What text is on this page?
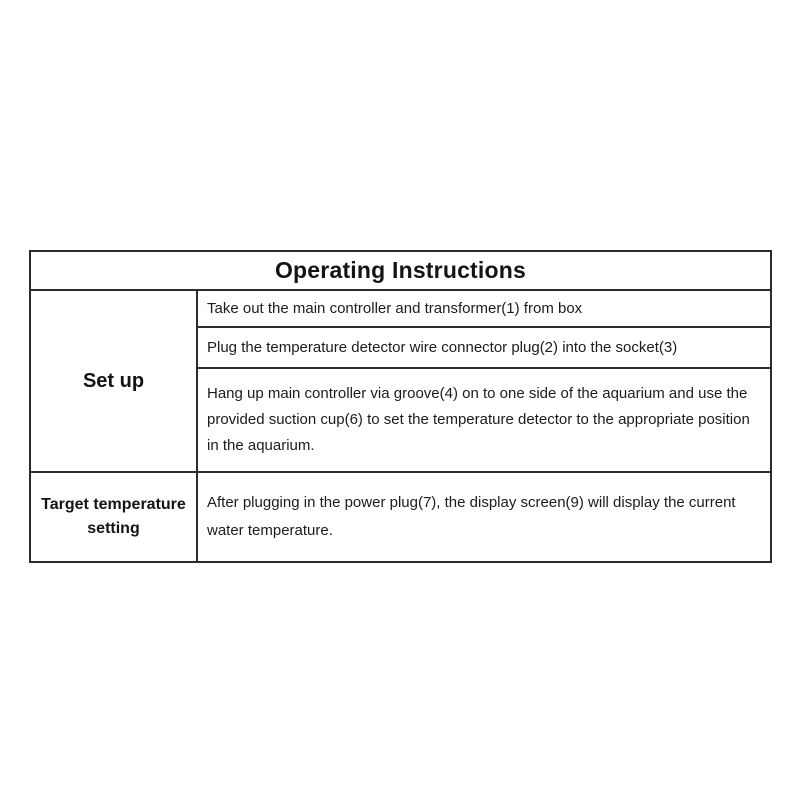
Operating Instructions
Set up
Take out the main controller and transformer(1) from box
Plug the temperature detector wire connector plug(2) into the socket(3)
Hang up main controller via groove(4) on to one side of the aquarium and use the provided suction cup(6) to set the temperature detector to the appropriate position in the aquarium.
Target temperature setting
After plugging in the power plug(7), the display screen(9) will display the current water temperature.
